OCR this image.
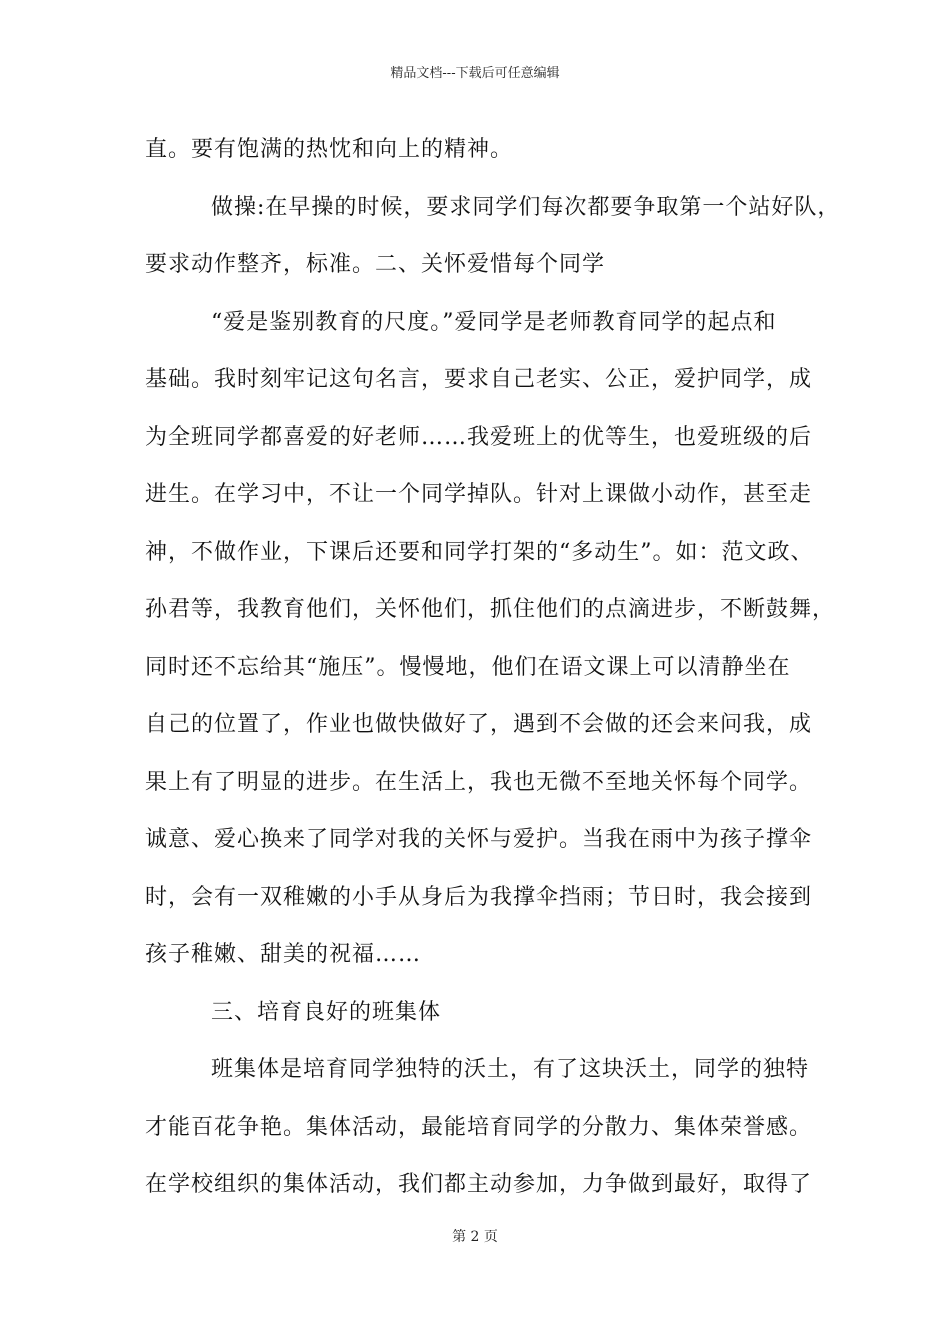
精品文档---下载后可任意编辑
直。要有饱满的热忱和向上的精神。
做操:在早操的时候，要求同学们每次都要争取第一个站好队，
要求动作整齐，标准。二、关怀爱惜每个同学
“爱是鉴别教育的尺度。”爱同学是老师教育同学的起点和
基础。我时刻牢记这句名言，要求自己老实、公正，爱护同学，成
为全班同学都喜爱的好老师……我爱班上的优等生，也爱班级的后
进生。在学习中，不让一个同学掉队。针对上课做小动作，甚至走
神，不做作业，下课后还要和同学打架的“多动生”。如：范文政、
孙君等，我教育他们，关怀他们，抓住他们的点滴进步，不断鼓舞，
同时还不忘给其“施压”。慢慢地，他们在语文课上可以清静坐在
自己的位置了，作业也做快做好了，遇到不会做的还会来问我，成
果上有了明显的进步。在生活上，我也无微不至地关怀每个同学。
诚意、爱心换来了同学对我的关怀与爱护。当我在雨中为孩子撑伞
时，会有一双稚嫩的小手从身后为我撑伞挡雨；节日时，我会接到
孩子稚嫩、甜美的祝福……
三、培育良好的班集体
班集体是培育同学独特的沃土，有了这块沃土，同学的独特
才能百花争艳。集体活动，最能培育同学的分散力、集体荣誉感。
在学校组织的集体活动，我们都主动参加，力争做到最好，取得了
第 2 页
